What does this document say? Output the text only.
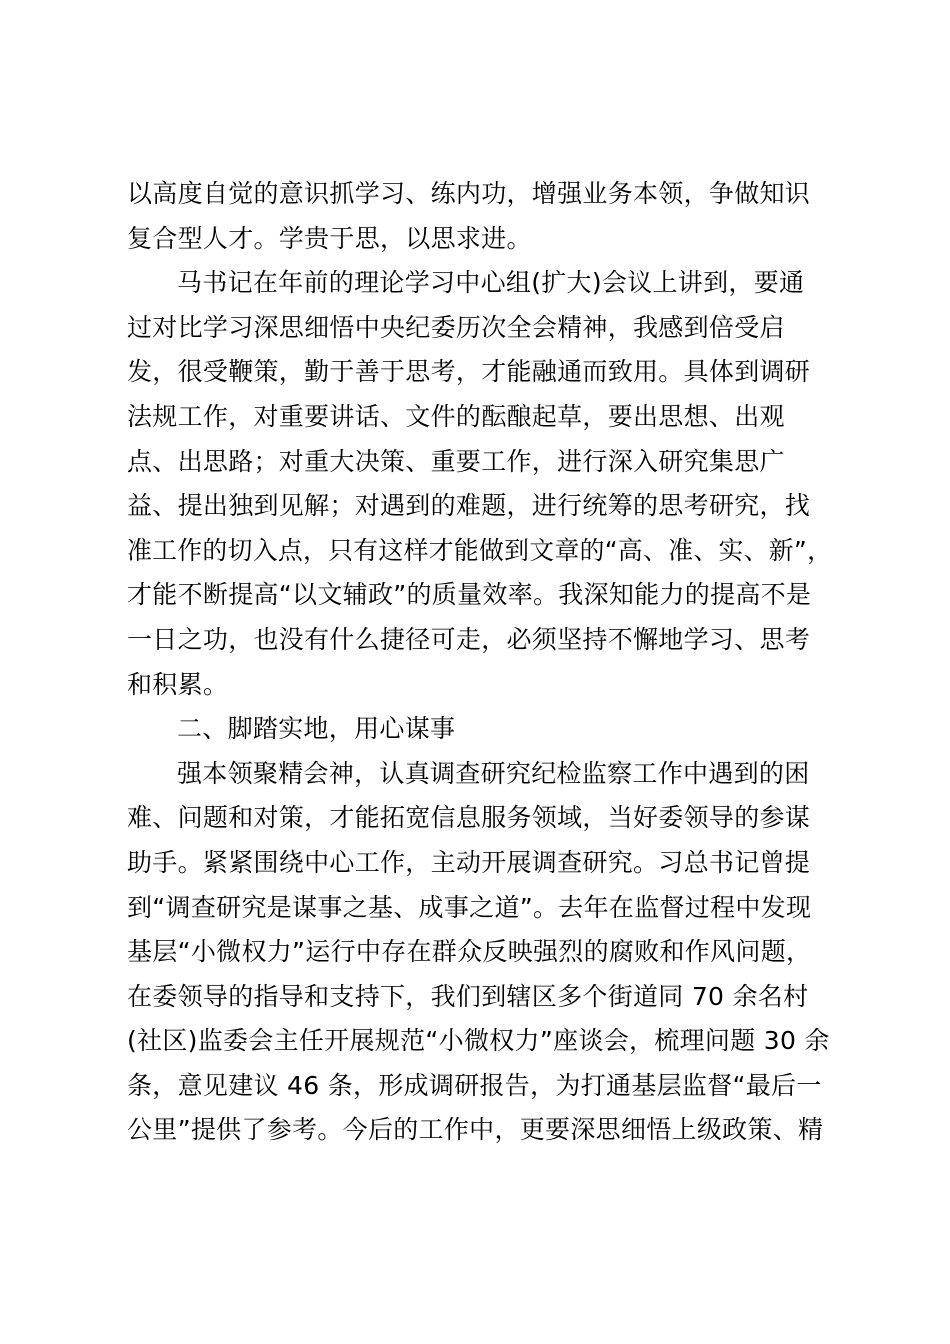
以高度自觉的意识抓学习、练内功，增强业务本领，争做知识
复合型人才。学贵于思，以思求进。
马书记在年前的理论学习中心组(扩大)会议上讲到，要通
过对比学习深思细悟中央纪委历次全会精神，我感到倍受启
发，很受鞭策，勤于善于思考，才能融通而致用。具体到调研
法规工作，对重要讲话、文件的酝酿起草，要出思想、出观
点、出思路；对重大决策、重要工作，进行深入研究集思广
益、提出独到见解；对遇到的难题，进行统筹的思考研究，找
准工作的切入点，只有这样才能做到文章的“高、准、实、新”，
才能不断提高“以文辅政”的质量效率。我深知能力的提高不是
一日之功，也没有什么捷径可走，必须坚持不懈地学习、思考
和积累。
二、脚踏实地，用心谋事
强本领聚精会神，认真调查研究纪检监察工作中遇到的困
难、问题和对策，才能拓宽信息服务领域，当好委领导的参谋
助手。紧紧围绕中心工作，主动开展调查研究。习总书记曾提
到“调查研究是谋事之基、成事之道”。去年在监督过程中发现
基层“小微权力”运行中存在群众反映强烈的腐败和作风问题，
在委领导的指导和支持下，我们到辖区多个街道同 70 余名村
(社区)监委会主任开展规范“小微权力”座谈会，梳理问题 30 余
条，意见建议 46 条，形成调研报告，为打通基层监督“最后一
公里”提供了参考。今后的工作中，更要深思细悟上级政策、精
